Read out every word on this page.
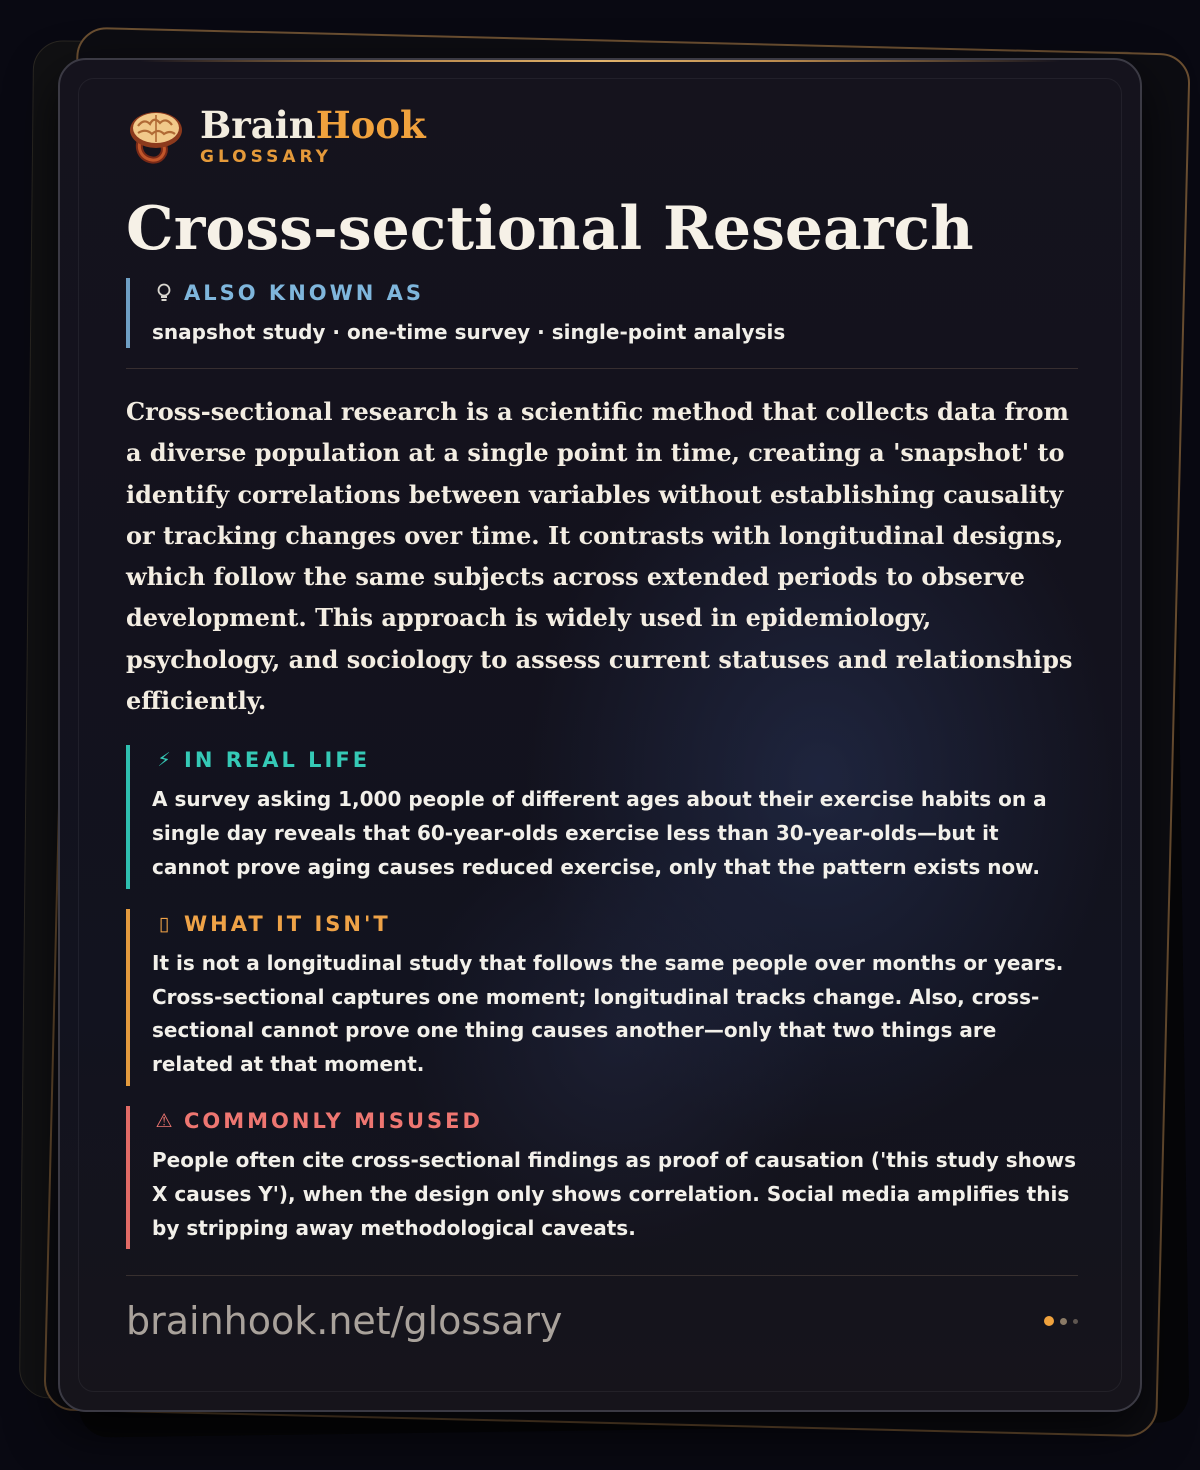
BrainHook
GLOSSARY
Cross-sectional Research
ALSO KNOWN AS
snapshot study · one-time survey · single-point analysis

Cross-sectional research is a scientific method that collects data from a diverse population at a single point in time, creating a 'snapshot' to identify correlations between variables without establishing causality or tracking changes over time. It contrasts with longitudinal designs, which follow the same subjects across extended periods to observe development. This approach is widely used in epidemiology, psychology, and sociology to assess current statuses and relationships efficiently.

⚡ IN REAL LIFE
A survey asking 1,000 people of different ages about their exercise habits on a single day reveals that 60-year-olds exercise less than 30-year-olds—but it cannot prove aging causes reduced exercise, only that the pattern exists now.
▯ WHAT IT ISN'T
It is not a longitudinal study that follows the same people over months or years. Cross-sectional captures one moment; longitudinal tracks change. Also, cross-sectional cannot prove one thing causes another—only that two things are related at that moment.
⚠ COMMONLY MISUSED
People often cite cross-sectional findings as proof of causation ('this study shows X causes Y'), when the design only shows correlation. Social media amplifies this by stripping away methodological caveats.
brainhook.net/glossary
